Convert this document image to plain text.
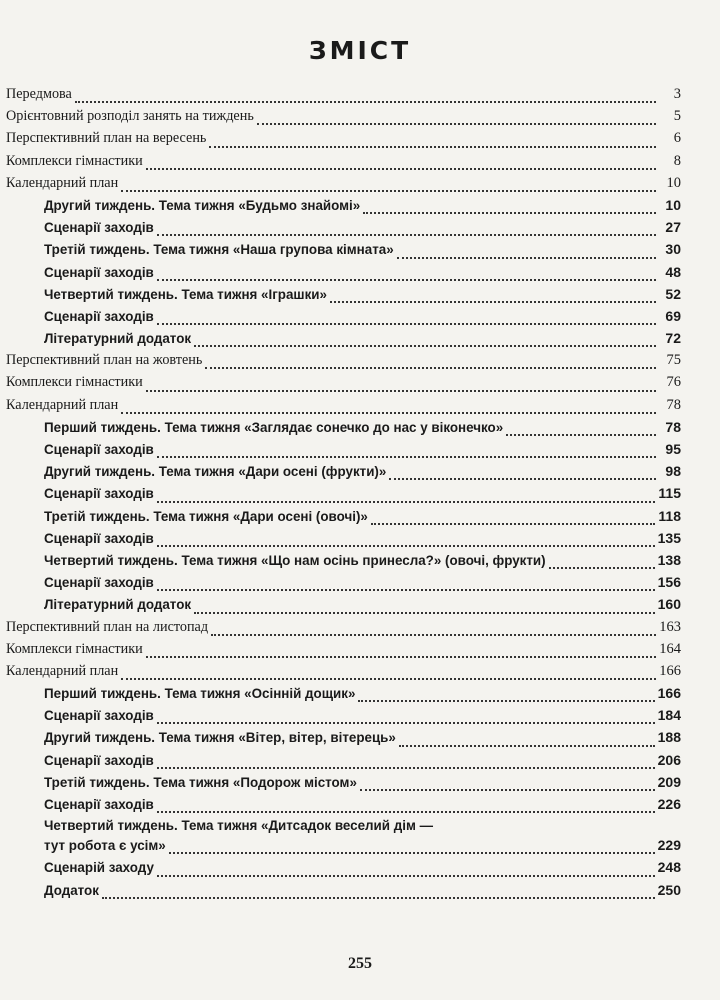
ЗМІСТ
Передмова	3
Орієнтовний розподіл занять на тиждень	5
Перспективний план на вересень	6
Комплекси гімнастики	8
Календарний план	10
Другий тиждень. Тема тижня «Будьмо знайомі»	10
Сценарії заходів	27
Третій тиждень. Тема тижня «Наша групова кімната»	30
Сценарії заходів	48
Четвертий тиждень. Тема тижня «Іграшки»	52
Сценарії заходів	69
Літературний додаток	72
Перспективний план на жовтень	75
Комплекси гімнастики	76
Календарний план	78
Перший тиждень. Тема тижня «Заглядає сонечко до нас у віконечко»	78
Сценарії заходів	95
Другий тиждень. Тема тижня «Дари осені (фрукти)»	98
Сценарії заходів	115
Третій тиждень. Тема тижня «Дари осені (овочі)»	118
Сценарії заходів	135
Четвертий тиждень. Тема тижня «Що нам осінь принесла?» (овочі, фрукти)	138
Сценарії заходів	156
Літературний додаток	160
Перспективний план на листопад	163
Комплекси гімнастики	164
Календарний план	166
Перший тиждень. Тема тижня «Осінній дощик»	166
Сценарії заходів	184
Другий тиждень. Тема тижня «Вітер, вітер, вітерець»	188
Сценарії заходів	206
Третій тиждень. Тема тижня «Подорож містом»	209
Сценарії заходів	226
Четвертий тиждень. Тема тижня «Дитсадок веселий дім —
тут робота є усім»	229
Сценарій заходу	248
Додаток	250
255
